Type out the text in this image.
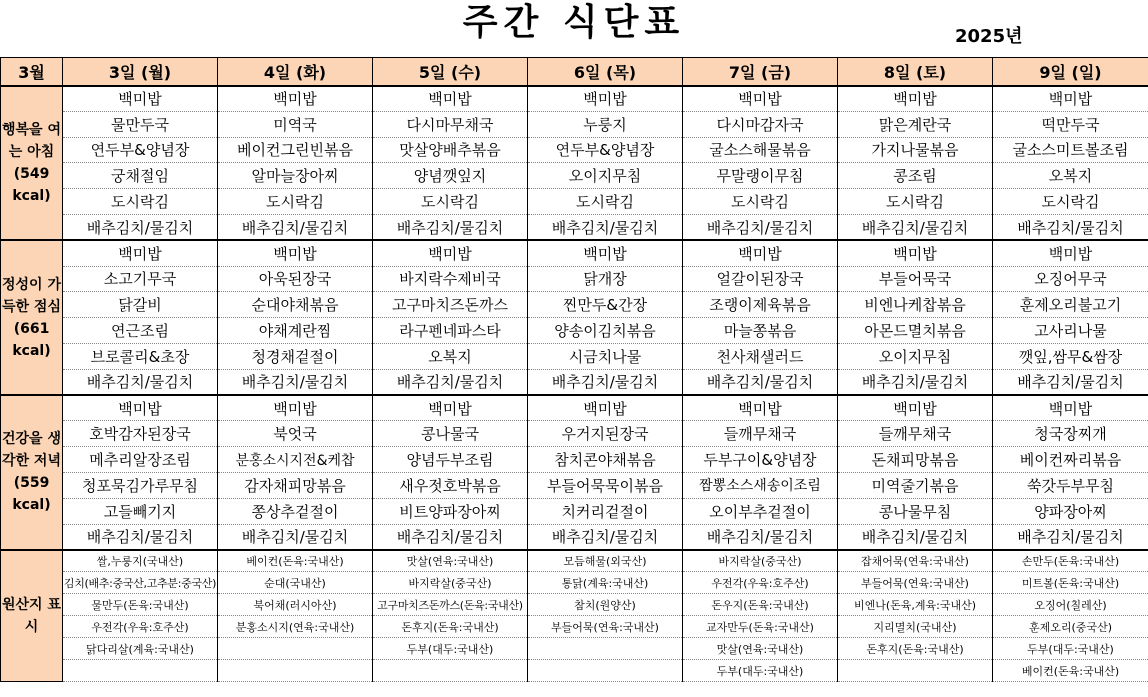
주간 식단표	2025년
3월	3일 (월)	4일 (화)	5일 (수)	6일 (목)	7일 (금)	8일 (토)	9일 (일)
행복을 여는 아침 (549 kcal)	백미밥	백미밥	백미밥	백미밥	백미밥	백미밥	백미밥
	물만두국	미역국	다시마무채국	누룽지	다시마감자국	맑은계란국	떡만두국
	연두부&양념장	베이컨그린빈볶음	맛살양배추볶음	연두부&양념장	굴소스해물볶음	가지나물볶음	굴소스미트볼조림
	궁채절임	알마늘장아찌	양념깻잎지	오이지무침	무말랭이무침	콩조림	오복지
	도시락김	도시락김	도시락김	도시락김	도시락김	도시락김	도시락김
	배추김치/물김치	배추김치/물김치	배추김치/물김치	배추김치/물김치	배추김치/물김치	배추김치/물김치	배추김치/물김치
정성이 가득한 점심 (661 kcal)	백미밥	백미밥	백미밥	백미밥	백미밥	백미밥	백미밥
	소고기무국	아욱된장국	바지락수제비국	닭개장	얼갈이된장국	부들어묵국	오징어무국
	닭갈비	순대야채볶음	고구마치즈돈까스	찐만두&간장	조랭이제육볶음	비엔나케찹볶음	훈제오리불고기
	연근조림	야채계란찜	라구펜네파스타	양송이김치볶음	마늘쫑볶음	아몬드멸치볶음	고사리나물
	브로콜리&초장	청경채겉절이	오복지	시금치나물	천사채샐러드	오이지무침	깻잎,쌈무&쌈장
	배추김치/물김치	배추김치/물김치	배추김치/물김치	배추김치/물김치	배추김치/물김치	배추김치/물김치	배추김치/물김치
건강을 생각한 저녁 (559 kcal)	백미밥	백미밥	백미밥	백미밥	백미밥	백미밥	백미밥
	호박감자된장국	북엇국	콩나물국	우거지된장국	들깨무채국	들깨무채국	청국장찌개
	메추리알장조림	분홍소시지전&케찹	양념두부조림	참치콘야채볶음	두부구이&양념장	돈채피망볶음	베이컨짜리볶음
	청포묵김가루무침	감자채피망볶음	새우젓호박볶음	부들어묵묵이볶음	짬뽕소스새송이조림	미역줄기볶음	쑥갓두부무침
	고들빼기지	쫑상추겉절이	비트양파장아찌	치커리겉절이	오이부추겉절이	콩나물무침	양파장아찌
	배추김치/물김치	배추김치/물김치	배추김치/물김치	배추김치/물김치	배추김치/물김치	배추김치/물김치	배추김치/물김치
원산지 표시	쌀,누룽지(국내산)	베이컨(돈육:국내산)	맛살(연육:국내산)	모듬해물(외국산)	바지락살(중국산)	잡채어묵(연육:국내산)	손만두(돈육:국내산)
	김치(배추:중국산,고추분:중국산)	순대(국내산)	바지락살(중국산)	통닭(계육:국내산)	우전각(우육:호주산)	부들어묵(연육:국내산)	미트볼(돈육:국내산)
	물만두(돈육:국내산)	북어채(러시아산)	고구마치즈돈까스(돈육:국내산)	참치(원양산)	돈우지(돈육:국내산)	비엔나(돈육,계육:국내산)	오징어(칠레산)
	우전각(우육:호주산)	분홍소시지(연육:국내산)	돈후지(돈육:국내산)	부들어묵(연육:국내산)	교자만두(돈육:국내산)	지리멸치(국내산)	훈제오리(중국산)
	닭다리살(계육:국내산)		두부(대두:국내산)		맛살(연육:국내산)	돈후지(돈육:국내산)	두부(대두:국내산)
					두부(대두:국내산)		베이컨(돈육:국내산)
